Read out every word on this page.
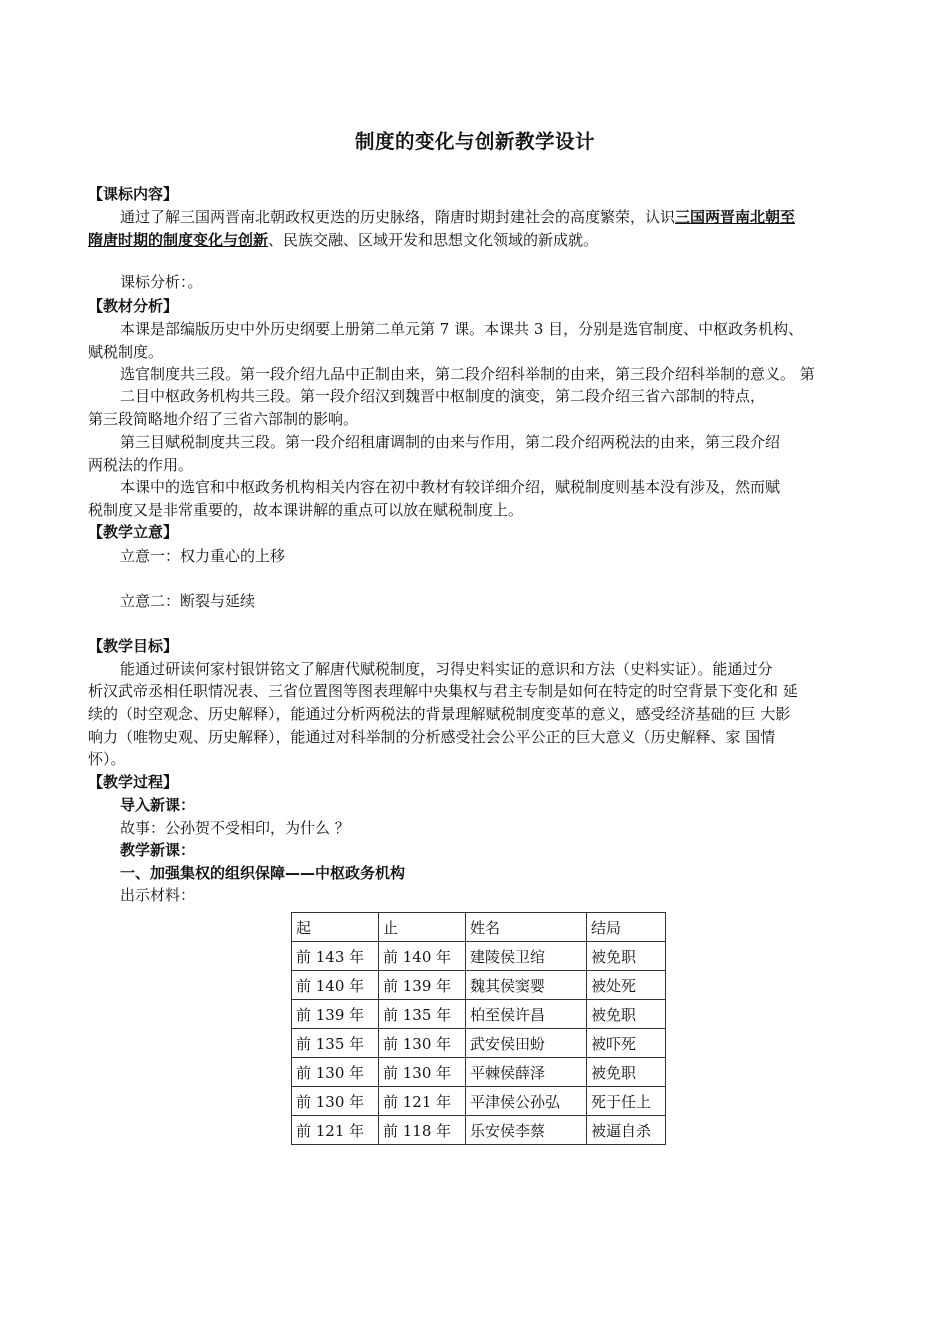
制度的变化与创新教学设计
【课标内容】
通过了解三国两晋南北朝政权更迭的历史脉络，隋唐时期封建社会的高度繁荣，认识三国两晋南北朝至
隋唐时期的制度变化与创新、民族交融、区域开发和思想文化领域的新成就。
课标分析：。
【教材分析】
本课是部编版历史中外历史纲要上册第二单元第 7 课。本课共 3 目，分别是选官制度、中枢政务机构、
赋税制度。
选官制度共三段。第一段介绍九品中正制由来，第二段介绍科举制的由来，第三段介绍科举制的意义。 第
二目中枢政务机构共三段。第一段介绍汉到魏晋中枢制度的演变，第二段介绍三省六部制的特点，
第三段简略地介绍了三省六部制的影响。
第三目赋税制度共三段。第一段介绍租庸调制的由来与作用，第二段介绍两税法的由来，第三段介绍
两税法的作用。
本课中的选官和中枢政务机构相关内容在初中教材有较详细介绍，赋税制度则基本没有涉及，然而赋
税制度又是非常重要的，故本课讲解的重点可以放在赋税制度上。
【教学立意】
立意一：权力重心的上移
立意二：断裂与延续
【教学目标】
能通过研读何家村银饼铭文了解唐代赋税制度，习得史料实证的意识和方法（史料实证）。能通过分
析汉武帝丞相任职情况表、三省位置图等图表理解中央集权与君主专制是如何在特定的时空背景下变化和 延
续的（时空观念、历史解释），能通过分析两税法的背景理解赋税制度变革的意义，感受经济基础的巨 大影
响力（唯物史观、历史解释），能通过对科举制的分析感受社会公平公正的巨大意义（历史解释、家 国情
怀）。
【教学过程】
导入新课：
故事：公孙贺不受相印，为什么 ？
教学新课：
一、加强集权的组织保障——中枢政务机构
出示材料：
起	止	姓名	结局
前 143 年	前 140 年	建陵侯卫绾	被免职
前 140 年	前 139 年	魏其侯窦婴	被处死
前 139 年	前 135 年	柏至侯许昌	被免职
前 135 年	前 130 年	武安侯田蚡	被吓死
前 130 年	前 130 年	平棘侯薛泽	被免职
前 130 年	前 121 年	平津侯公孙弘	死于任上
前 121 年	前 118 年	乐安侯李蔡	被逼自杀
